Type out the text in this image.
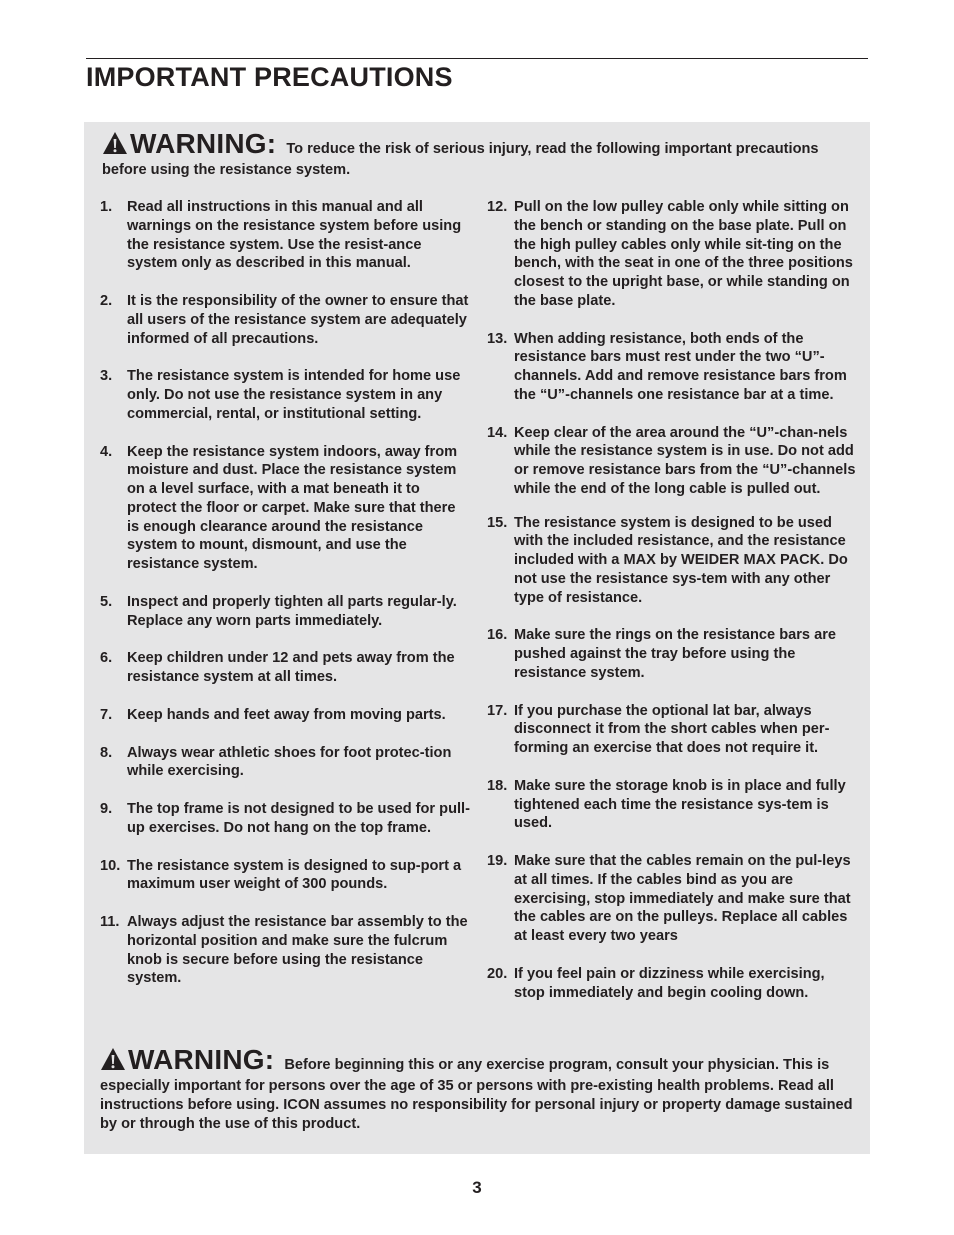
IMPORTANT PRECAUTIONS
WARNING: To reduce the risk of serious injury, read the following important precautions before using the resistance system.
1. Read all instructions in this manual and all warnings on the resistance system before using the resistance system. Use the resist-ance system only as described in this manual.
2. It is the responsibility of the owner to ensure that all users of the resistance system are adequately informed of all precautions.
3. The resistance system is intended for home use only. Do not use the resistance system in any commercial, rental, or institutional setting.
4. Keep the resistance system indoors, away from moisture and dust. Place the resistance system on a level surface, with a mat beneath it to protect the floor or carpet. Make sure that there is enough clearance around the resistance system to mount, dismount, and use the resistance system.
5. Inspect and properly tighten all parts regular-ly. Replace any worn parts immediately.
6. Keep children under 12 and pets away from the resistance system at all times.
7. Keep hands and feet away from moving parts.
8. Always wear athletic shoes for foot protec-tion while exercising.
9. The top frame is not designed to be used for pull-up exercises. Do not hang on the top frame.
10. The resistance system is designed to sup-port a maximum user weight of 300 pounds.
11. Always adjust the resistance bar assembly to the horizontal position and make sure the fulcrum knob is secure before using the resistance system.
12. Pull on the low pulley cable only while sitting on the bench or standing on the base plate. Pull on the high pulley cables only while sit-ting on the bench, with the seat in one of the three positions closest to the upright base, or while standing on the base plate.
13. When adding resistance, both ends of the resistance bars must rest under the two “U”-channels. Add and remove resistance bars from the “U”-channels one resistance bar at a time.
14. Keep clear of the area around the “U”-chan-nels while the resistance system is in use. Do not add or remove resistance bars from the “U”-channels while the end of the long cable is pulled out.
15. The resistance system is designed to be used with the included resistance, and the resistance included with a MAX by WEIDER MAX PACK. Do not use the resistance sys-tem with any other type of resistance.
16. Make sure the rings on the resistance bars are pushed against the tray before using the resistance system.
17. If you purchase the optional lat bar, always disconnect it from the short cables when per-forming an exercise that does not require it.
18. Make sure the storage knob is in place and fully tightened each time the resistance sys-tem is used.
19. Make sure that the cables remain on the pul-leys at all times. If the cables bind as you are exercising, stop immediately and make sure that the cables are on the pulleys. Replace all cables at least every two years
20. If you feel pain or dizziness while exercising, stop immediately and begin cooling down.
WARNING: Before beginning this or any exercise program, consult your physician. This is especially important for persons over the age of 35 or persons with pre-existing health problems. Read all instructions before using. ICON assumes no responsibility for personal injury or property damage sustained by or through the use of this product.
3
